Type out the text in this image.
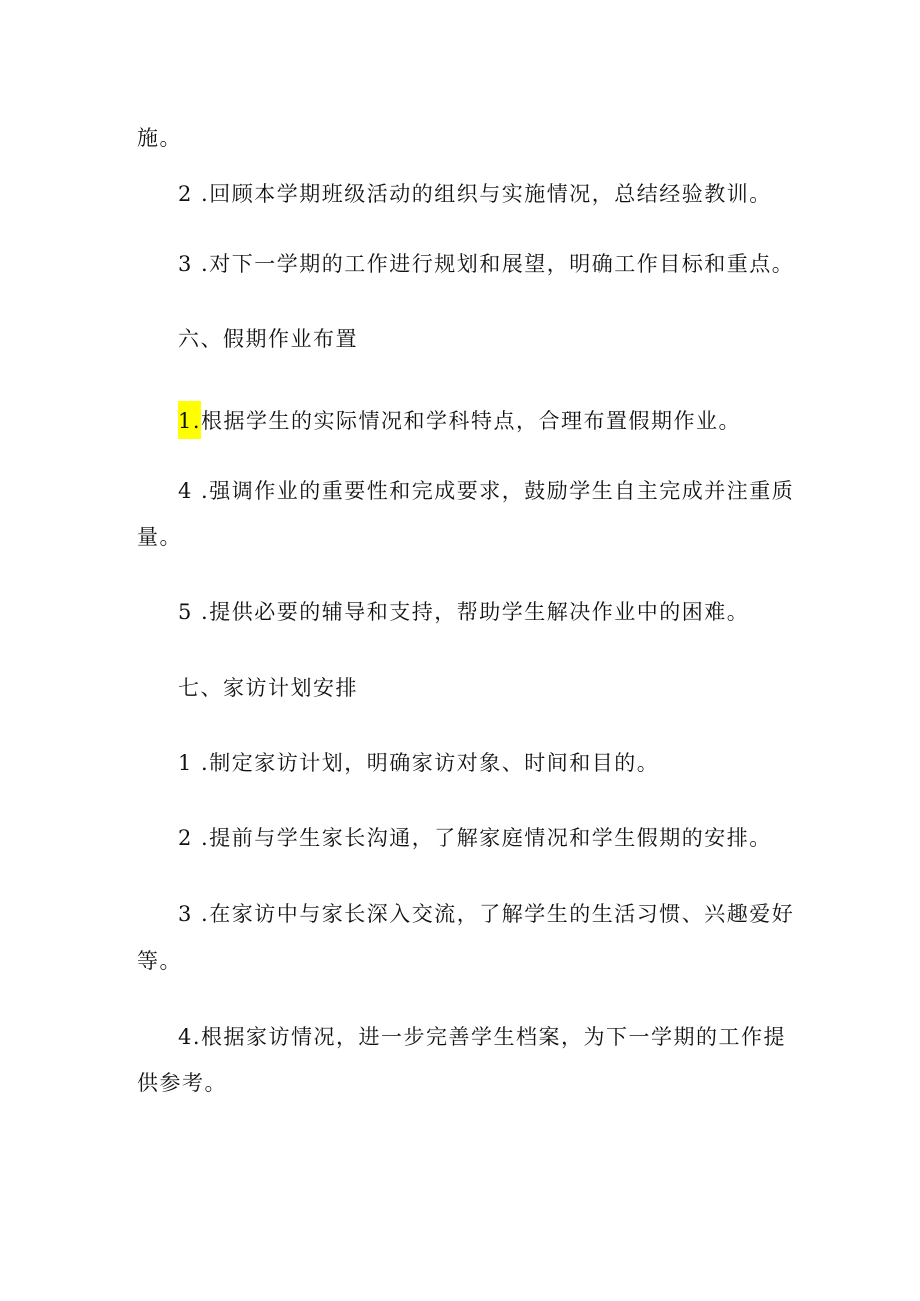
施。
2 .回顾本学期班级活动的组织与实施情况，总结经验教训。
3 .对下一学期的工作进行规划和展望，明确工作目标和重点。
六、假期作业布置
1.根据学生的实际情况和学科特点，合理布置假期作业。
4 .强调作业的重要性和完成要求，鼓励学生自主完成并注重质
量。
5 .提供必要的辅导和支持，帮助学生解决作业中的困难。
七、家访计划安排
1 .制定家访计划，明确家访对象、时间和目的。
2 .提前与学生家长沟通，了解家庭情况和学生假期的安排。
3 .在家访中与家长深入交流，了解学生的生活习惯、兴趣爱好
等。
4.根据家访情况，进一步完善学生档案，为下一学期的工作提
供参考。
